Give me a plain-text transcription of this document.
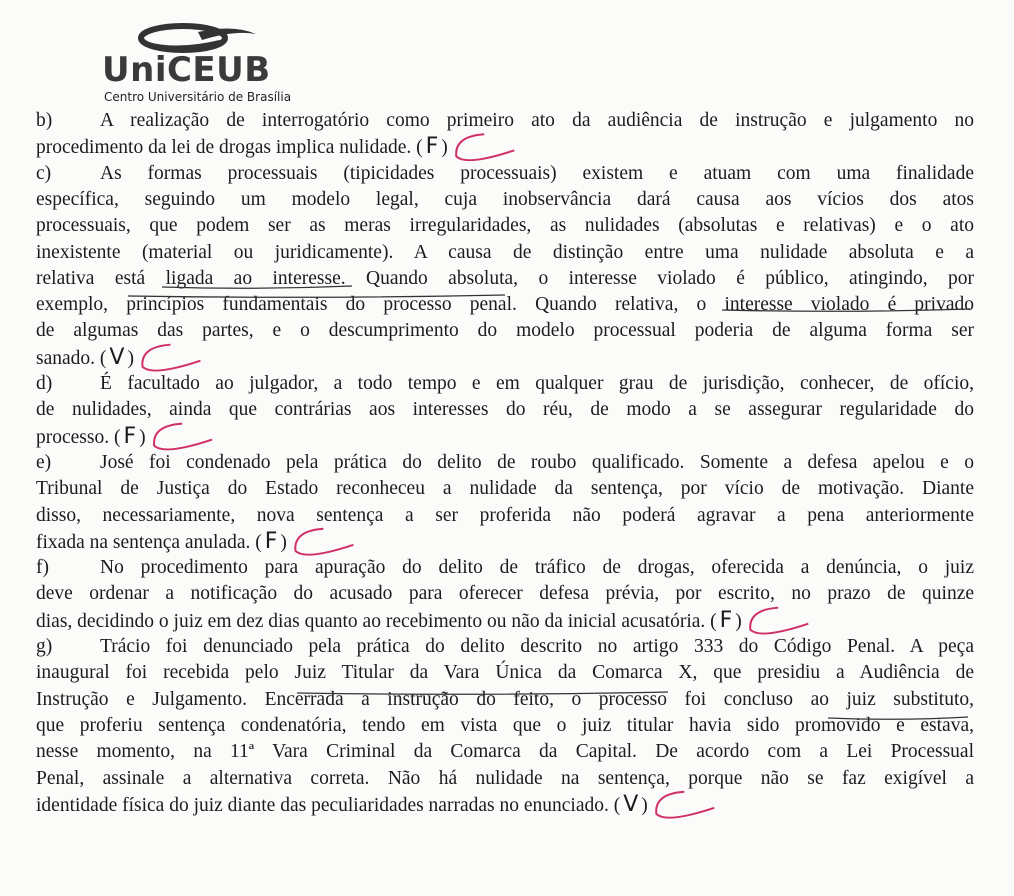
UniCEUB
Centro Universitário de Brasília
b) A realização de interrogatório como primeiro ato da audiência de instrução e julgamento no
procedimento da lei de drogas implica nulidade. ( F )
c)	As formas processuais (tipicidades processuais) existem e atuam com uma finalidade
específica, seguindo um modelo legal, cuja inobservância dará causa aos vícios dos atos
processuais, que podem ser as meras irregularidades, as nulidades (absolutas e relativas) e o ato
inexistente (material ou juridicamente). A causa de distinção entre uma nulidade absoluta e a
relativa está ligada ao interesse. Quando absoluta, o interesse violado é público, atingindo, por
exemplo, princípios fundamentais do processo penal. Quando relativa, o interesse violado é privado
de algumas das partes, e o descumprimento do modelo processual poderia de alguma forma ser
sanado. ( V )
d) É facultado ao julgador, a todo tempo e em qualquer grau de jurisdição, conhecer, de ofício,
de nulidades, ainda que contrárias aos interesses do réu, de modo a se assegurar regularidade do
processo. ( F )
e)	José foi condenado pela prática do delito de roubo qualificado. Somente a defesa apelou e o
Tribunal de Justiça do Estado reconheceu a nulidade da sentença, por vício de motivação. Diante
disso, necessariamente, nova sentença a ser proferida não poderá agravar a pena anteriormente
fixada na sentença anulada. ( F )
f)	No procedimento para apuração do delito de tráfico de drogas, oferecida a denúncia, o juiz
deve ordenar a notificação do acusado para oferecer defesa prévia, por escrito, no prazo de quinze
dias, decidindo o juiz em dez dias quanto ao recebimento ou não da inicial acusatória. ( F )
g) Trácio foi denunciado pela prática do delito descrito no artigo 333 do Código Penal. A peça
inaugural foi recebida pelo Juiz Titular da Vara Única da Comarca X, que presidiu a Audiência de
Instrução e Julgamento. Encerrada a instrução do feito, o processo foi concluso ao juiz substituto,
que proferiu sentença condenatória, tendo em vista que o juiz titular havia sido promovido e estava,
nesse momento, na 11ª Vara Criminal da Comarca da Capital. De acordo com a Lei Processual
Penal, assinale a alternativa correta. Não há nulidade na sentença, porque não se faz exigível a
identidade física do juiz diante das peculiaridades narradas no enunciado. ( V )
